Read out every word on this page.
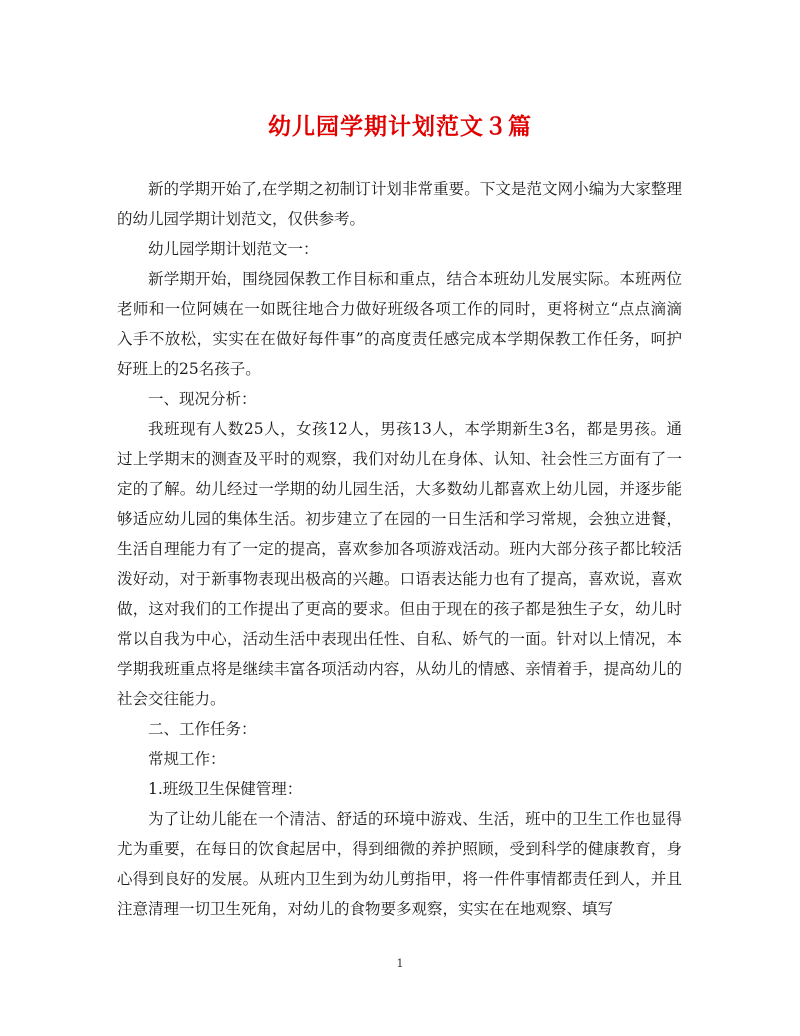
幼儿园学期计划范文３篇

新的学期开始了,在学期之初制订计划非常重要。下文是范文网小编为大家整理的幼儿园学期计划范文，仅供参考。

幼儿园学期计划范文一：

新学期开始，围绕园保教工作目标和重点，结合本班幼儿发展实际。本班两位老师和一位阿姨在一如既往地合力做好班级各项工作的同时，更将树立“点点滴滴入手不放松，实实在在做好每件事”的高度责任感完成本学期保教工作任务，呵护好班上的25名孩子。

一、现况分析：

我班现有人数25人，女孩12人，男孩13人，本学期新生3名，都是男孩。通过上学期末的测查及平时的观察，我们对幼儿在身体、认知、社会性三方面有了一定的了解。幼儿经过一学期的幼儿园生活，大多数幼儿都喜欢上幼儿园，并逐步能够适应幼儿园的集体生活。初步建立了在园的一日生活和学习常规，会独立进餐，生活自理能力有了一定的提高，喜欢参加各项游戏活动。班内大部分孩子都比较活泼好动，对于新事物表现出极高的兴趣。口语表达能力也有了提高，喜欢说，喜欢做，这对我们的工作提出了更高的要求。但由于现在的孩子都是独生子女，幼儿时常以自我为中心，活动生活中表现出任性、自私、娇气的一面。针对以上情况，本学期我班重点将是继续丰富各项活动内容，从幼儿的情感、亲情着手，提高幼儿的社会交往能力。

二、工作任务：

常规工作：

1.班级卫生保健管理：

为了让幼儿能在一个清洁、舒适的环境中游戏、生活，班中的卫生工作也显得尤为重要，在每日的饮食起居中，得到细微的养护照顾，受到科学的健康教育，身心得到良好的发展。从班内卫生到为幼儿剪指甲，将一件件事情都责任到人，并且注意清理一切卫生死角，对幼儿的食物要多观察，实实在在地观察、填写

1
